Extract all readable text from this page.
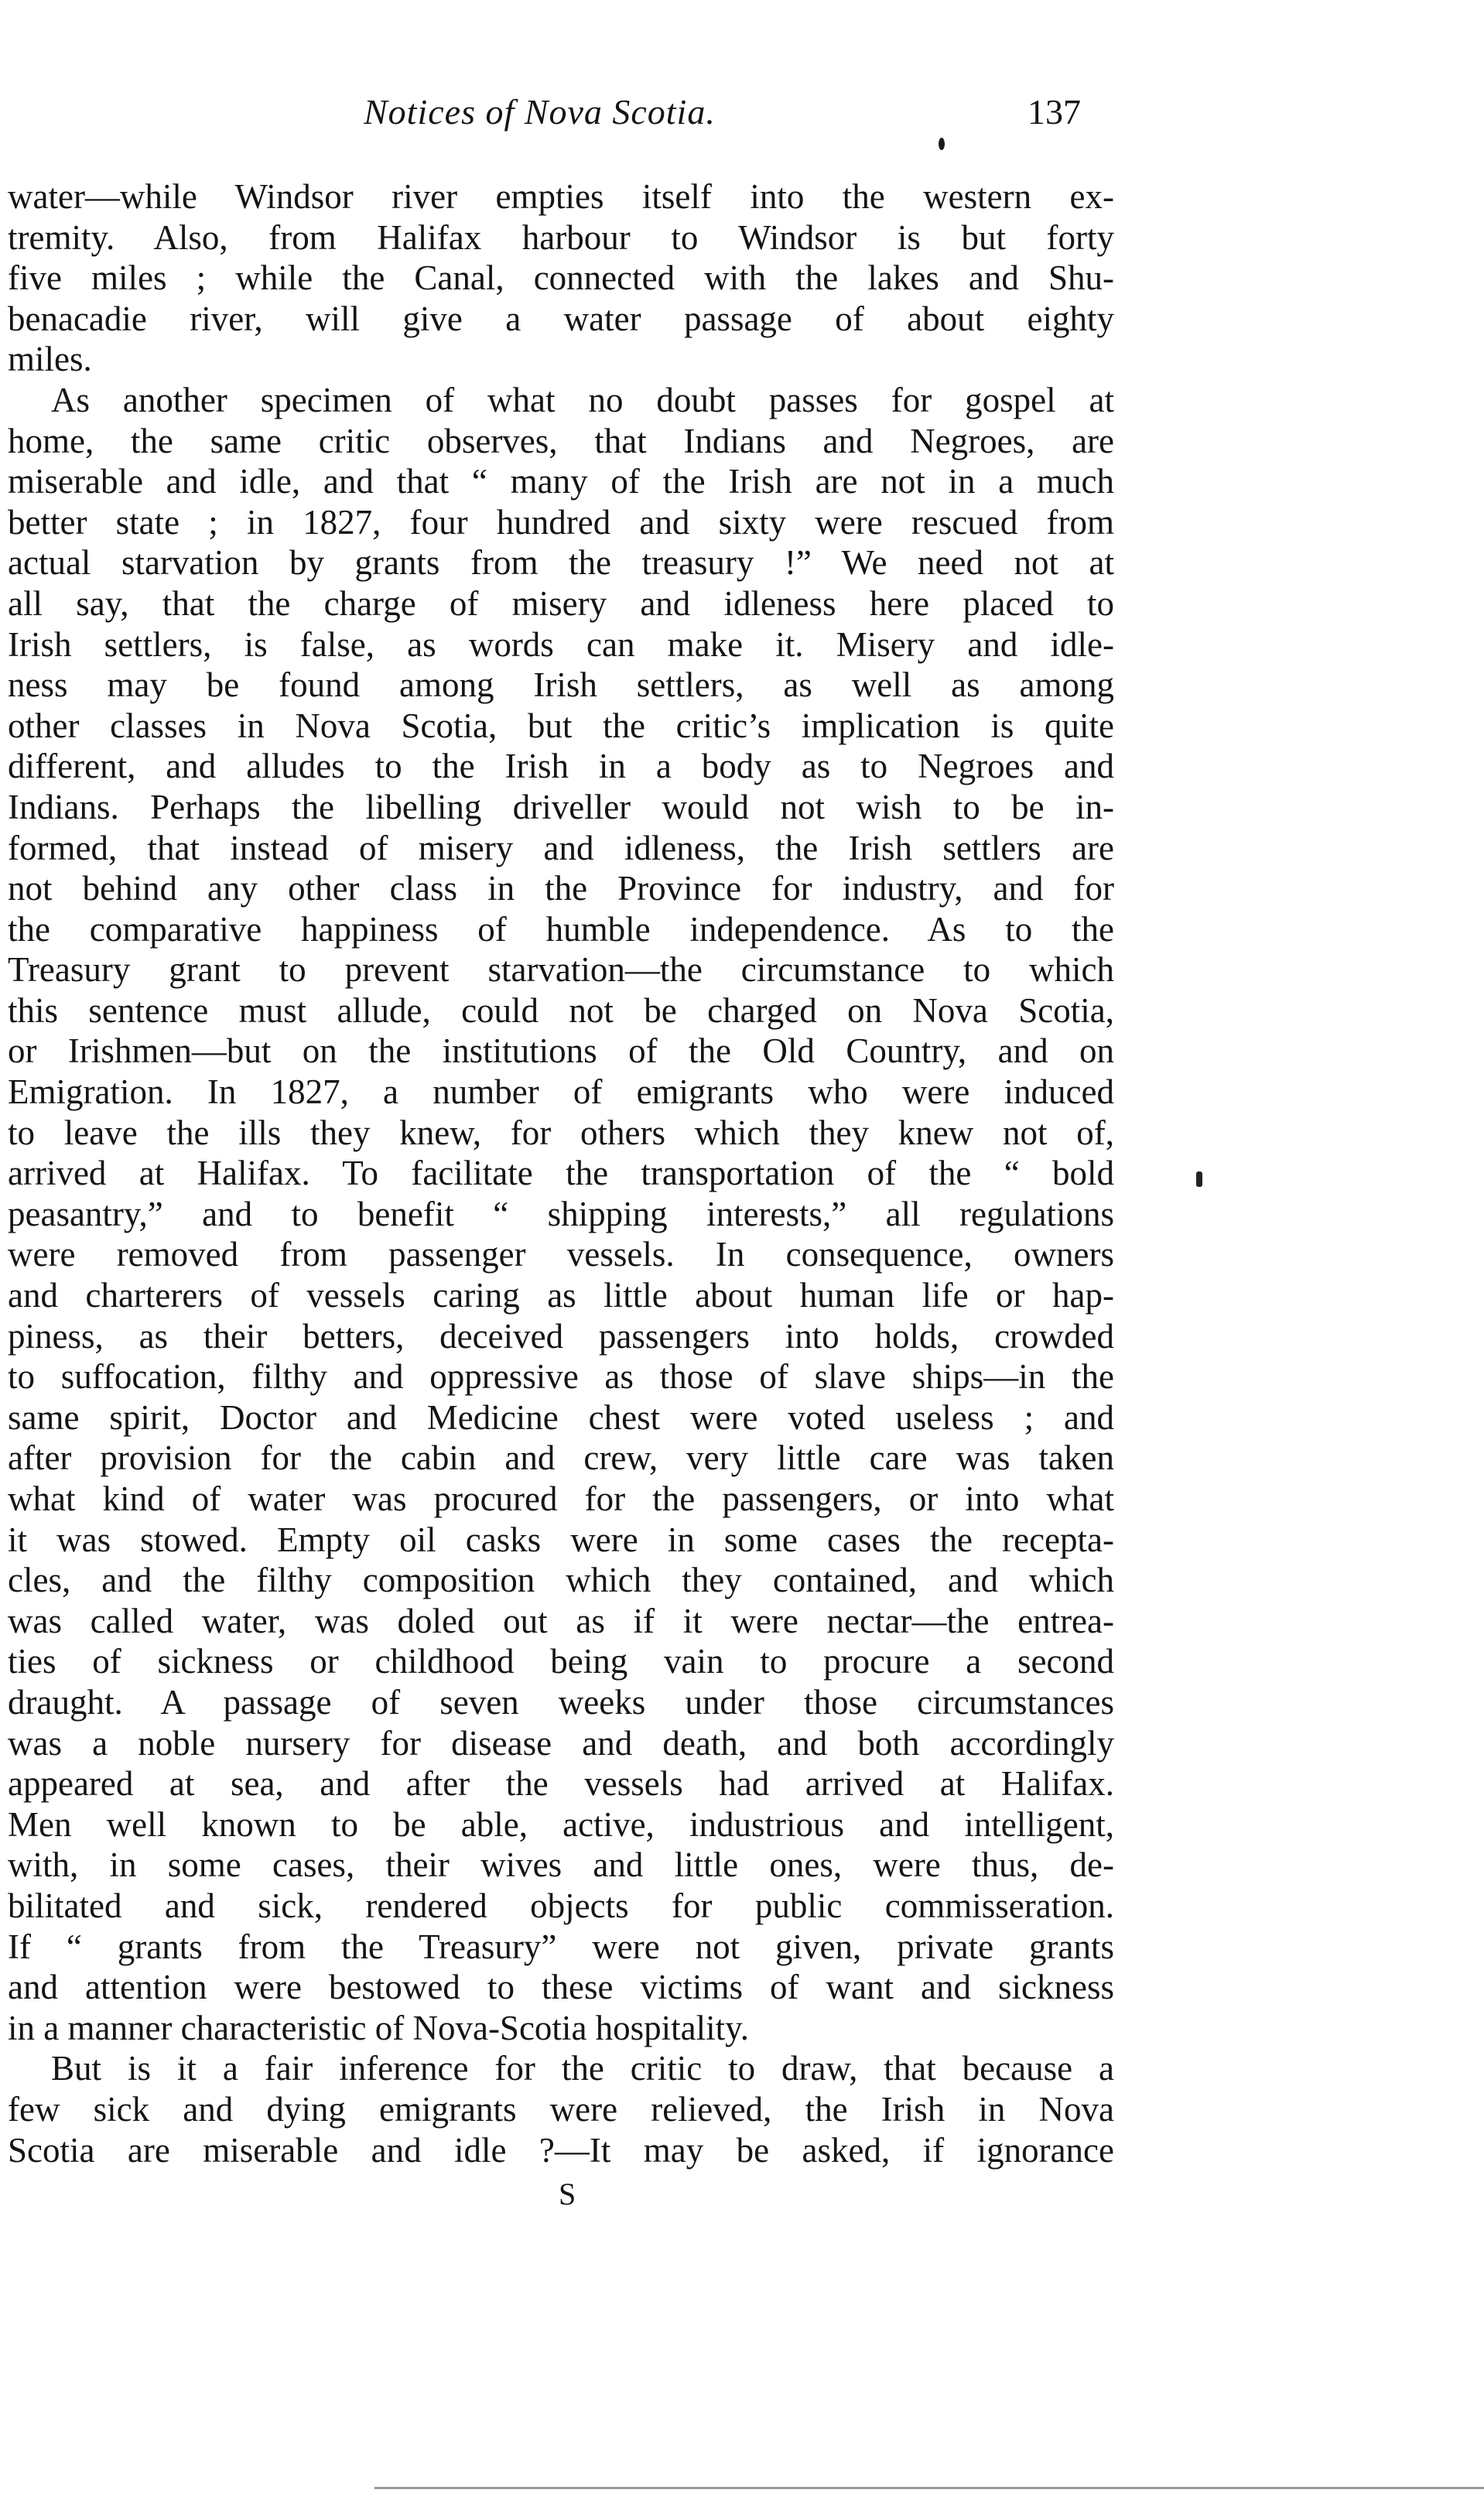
Notices of Nova Scotia.	137
water—while Windsor river empties itself into the western ex-
tremity. Also, from Halifax harbour to Windsor is but forty
five miles ; while the Canal, connected with the lakes and Shu-
benacadie river, will give a water passage of about eighty
miles.
As another specimen of what no doubt passes for gospel at
home, the same critic observes, that Indians and Negroes, are
miserable and idle, and that “ many of the Irish are not in a much
better state ; in 1827, four hundred and sixty were rescued from
actual starvation by grants from the treasury !” We need not at
all say, that the charge of misery and idleness here placed to
Irish settlers, is false, as words can make it. Misery and idle-
ness may be found among Irish settlers, as well as among
other classes in Nova Scotia, but the critic’s implication is quite
different, and alludes to the Irish in a body as to Negroes and
Indians. Perhaps the libelling driveller would not wish to be in-
formed, that instead of misery and idleness, the Irish settlers are
not behind any other class in the Province for industry, and for
the comparative happiness of humble independence. As to the
Treasury grant to prevent starvation—the circumstance to which
this sentence must allude, could not be charged on Nova Scotia,
or Irishmen—but on the institutions of the Old Country, and on
Emigration. In 1827, a number of emigrants who were induced
to leave the ills they knew, for others which they knew not of,
arrived at Halifax. To facilitate the transportation of the “ bold
peasantry,” and to benefit “ shipping interests,” all regulations
were removed from passenger vessels. In consequence, owners
and charterers of vessels caring as little about human life or hap-
piness, as their betters, deceived passengers into holds, crowded
to suffocation, filthy and oppressive as those of slave ships—in the
same spirit, Doctor and Medicine chest were voted useless ; and
after provision for the cabin and crew, very little care was taken
what kind of water was procured for the passengers, or into what
it was stowed. Empty oil casks were in some cases the recepta-
cles, and the filthy composition which they contained, and which
was called water, was doled out as if it were nectar—the entrea-
ties of sickness or childhood being vain to procure a second
draught. A passage of seven weeks under those circumstances
was a noble nursery for disease and death, and both accordingly
appeared at sea, and after the vessels had arrived at Halifax.
Men well known to be able, active, industrious and intelligent,
with, in some cases, their wives and little ones, were thus, de-
bilitated and sick, rendered objects for public commisseration.
If “ grants from the Treasury” were not given, private grants
and attention were bestowed to these victims of want and sickness
in a manner characteristic of Nova-Scotia hospitality.
But is it a fair inference for the critic to draw, that because a
few sick and dying emigrants were relieved, the Irish in Nova
Scotia are miserable and idle ?—It may be asked, if ignorance
S
